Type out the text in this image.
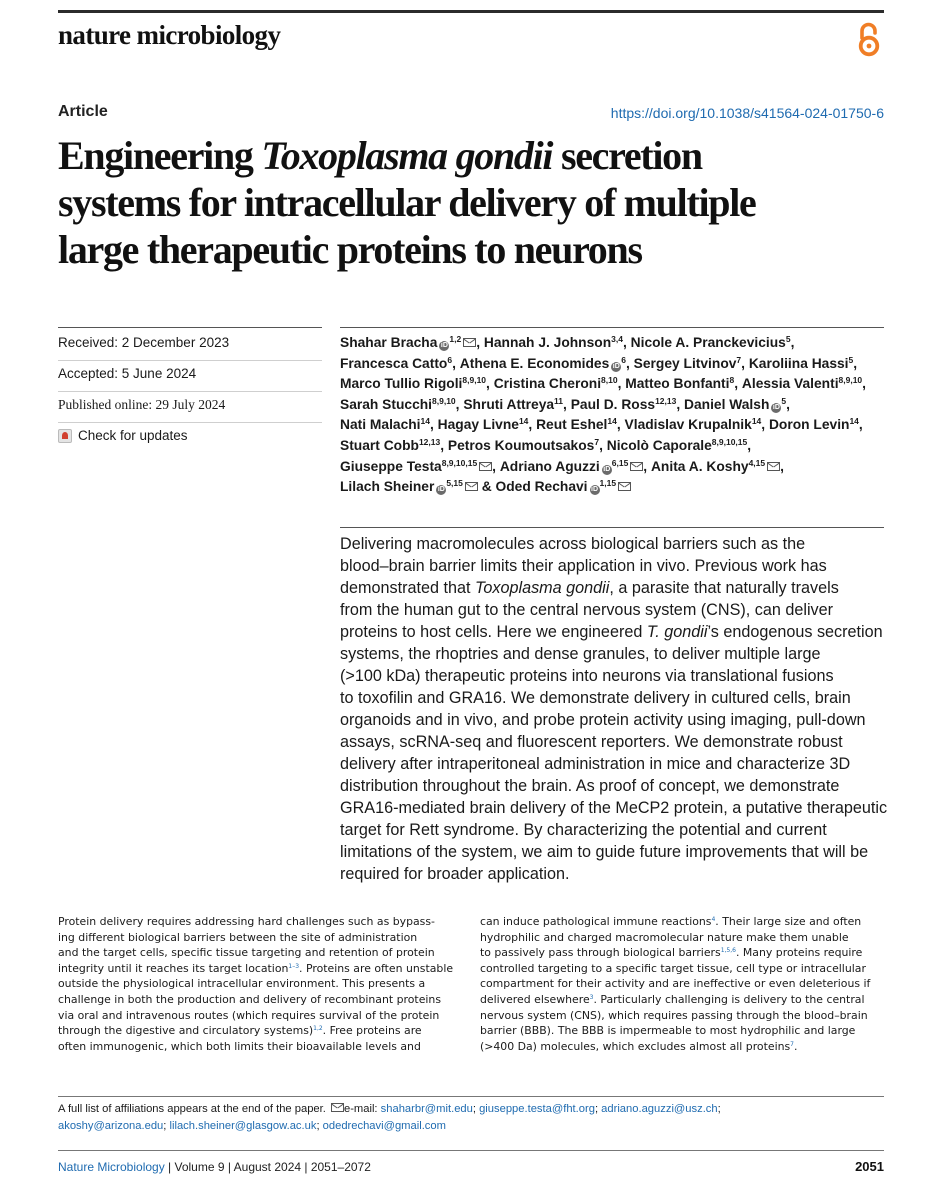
nature microbiology
Article	https://doi.org/10.1038/s41564-024-01750-6
Engineering Toxoplasma gondii secretion
systems for intracellular delivery of multiple
large therapeutic proteins to neurons
Received: 2 December 2023
Accepted: 5 June 2024
Published online: 29 July 2024
Check for updates
Shahar Bracha iD$^{1,2}$ , Hannah J. Johnson$^{3,4}$, Nicole A. Pranckevicius$^5$, Francesca Catto$^6$, Athena E. Economides $iD^6$, Sergey Litvinov$^7$, Karoliina Hassi$^5$, Marco Tullio Rigoli$^{8,9,10}$, Cristina Cheroni$^{8,10}$, Matteo Bonfanti$^8$, Alessia Valenti$^{8,9,10}$, Sarah Stucchi$^{8,9,10}$, Shruti Attreya$^{11}$, Paul D. Ross$^{12,13}$, Daniel Walsh $iD^5$, Nati Malachi$^{14}$, Hagay Livne$^{14}$, Reut Eshel$^{14}$, Vladislav Krupalnik$^{14}$, Doron Levin$^{14}$, Stuart Cobb$^{12,13}$, Petros Koumoutsakos$^7$, Nicolò Caporale$^{8,9,10,15}$, Giuseppe Testa$^{8,9,10,15}$ , Adriano Aguzzi iD$^{6,15}$ , Anita A. Koshy$^{4,15}$ , Lilach Sheiner iD$^{5,15}$ & Oded Rechavi iD$^{1,15}$
Delivering macromolecules across biological barriers such as the
blood–brain barrier limits their application in vivo. Previous work has
demonstrated that Toxoplasma gondii, a parasite that naturally travels
from the human gut to the central nervous system (CNS), can deliver
proteins to host cells. Here we engineered T. gondii’s endogenous secretion
systems, the rhoptries and dense granules, to deliver multiple large
(>100 kDa) therapeutic proteins into neurons via translational fusions
to toxofilin and GRA16. We demonstrate delivery in cultured cells, brain
organoids and in vivo, and probe protein activity using imaging, pull-down
assays, scRNA-seq and fluorescent reporters. We demonstrate robust
delivery after intraperitoneal administration in mice and characterize 3D
distribution throughout the brain. As proof of concept, we demonstrate
GRA16-mediated brain delivery of the MeCP2 protein, a putative therapeutic
target for Rett syndrome. By characterizing the potential and current
limitations of the system, we aim to guide future improvements that will be
required for broader application.
Protein delivery requires addressing hard challenges such as bypass-
ing different biological barriers between the site of administration
and the target cells, specific tissue targeting and retention of protein
integrity until it reaches its target location$^{1-3}$. Proteins are often unstable
outside the physiological intracellular environment. This presents a
challenge in both the production and delivery of recombinant proteins
via oral and intravenous routes (which requires survival of the protein
through the digestive and circulatory systems)$^{1,2}$. Free proteins are
often immunogenic, which both limits their bioavailable levels and
can induce pathological immune reactions$^4$. Their large size and often
hydrophilic and charged macromolecular nature make them unable
to passively pass through biological barriers$^{1,5,6}$. Many proteins require
controlled targeting to a specific target tissue, cell type or intracellular
compartment for their activity and are ineffective or even deleterious if
delivered elsewhere$^3$. Particularly challenging is delivery to the central
nervous system (CNS), which requires passing through the blood–brain
barrier (BBB). The BBB is impermeable to most hydrophilic and large
(>400 Da) molecules, which excludes almost all proteins$^7$.
A full list of affiliations appears at the end of the paper. e-mail: shaharbr@mit.edu; giuseppe.testa@fht.org; adriano.aguzzi@usz.ch;
akoshy@arizona.edu; lilach.sheiner@glasgow.ac.uk; odedrechavi@gmail.com
Nature Microbiology | Volume 9 | August 2024 | 2051–2072	2051
